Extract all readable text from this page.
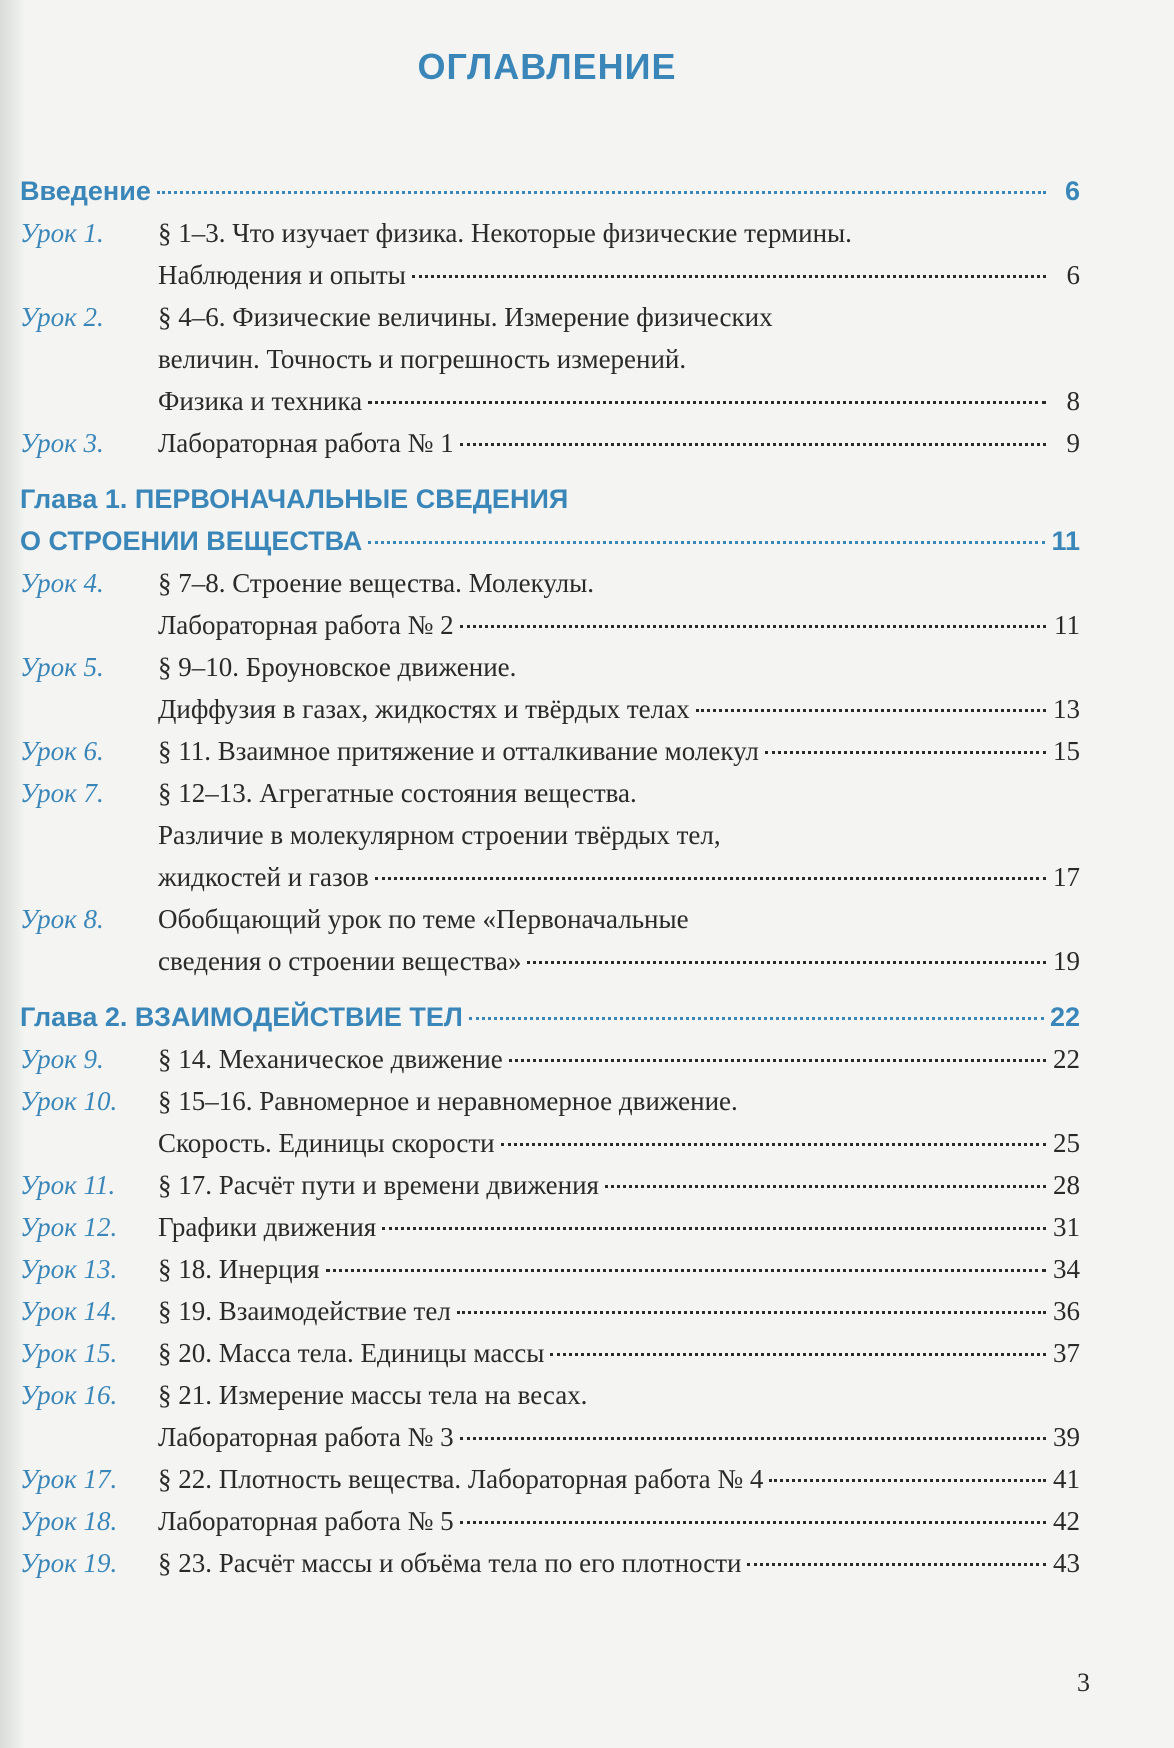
ОГЛАВЛЕНИЕ
Введение	6
Урок 1. § 1–3. Что изучает физика. Некоторые физические термины.
Наблюдения и опыты	6
Урок 2. § 4–6. Физические величины. Измерение физических
величин. Точность и погрешность измерений.
Физика и техника	8
Урок 3. Лабораторная работа № 1	9
Глава 1. ПЕРВОНАЧАЛЬНЫЕ СВЕДЕНИЯ
О СТРОЕНИИ ВЕЩЕСТВА	11
Урок 4. § 7–8. Строение вещества. Молекулы.
Лабораторная работа № 2	11
Урок 5. § 9–10. Броуновское движение.
Диффузия в газах, жидкостях и твёрдых телах	13
Урок 6. § 11. Взаимное притяжение и отталкивание молекул	15
Урок 7. § 12–13. Агрегатные состояния вещества.
Различие в молекулярном строении твёрдых тел,
жидкостей и газов	17
Урок 8. Обобщающий урок по теме «Первоначальные
сведения о строении вещества»	19
Глава 2. ВЗАИМОДЕЙСТВИЕ ТЕЛ	22
Урок 9. § 14. Механическое движение	22
Урок 10. § 15–16. Равномерное и неравномерное движение.
Скорость. Единицы скорости	25
Урок 11. § 17. Расчёт пути и времени движения	28
Урок 12. Графики движения	31
Урок 13. § 18. Инерция	34
Урок 14. § 19. Взаимодействие тел	36
Урок 15. § 20. Масса тела. Единицы массы	37
Урок 16. § 21. Измерение массы тела на весах.
Лабораторная работа № 3	39
Урок 17. § 22. Плотность вещества. Лабораторная работа № 4	41
Урок 18. Лабораторная работа № 5	42
Урок 19. § 23. Расчёт массы и объёма тела по его плотности	43
3
